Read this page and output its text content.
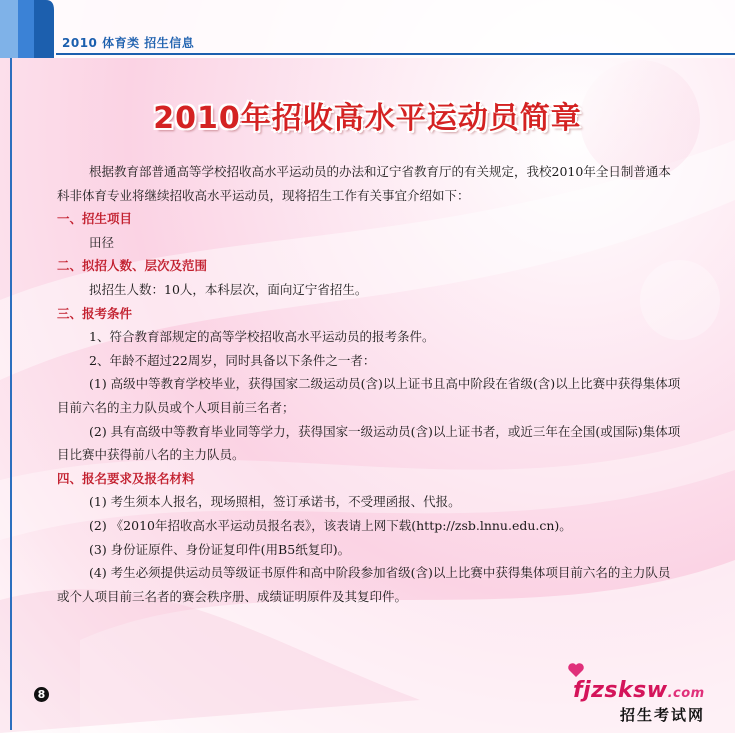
2010 体育类 招生信息
2010年招收高水平运动员简章

根据教育部普通高等学校招收高水平运动员的办法和辽宁省教育厅的有关规定，我校2010年全日制普通本科非体育专业将继续招收高水平运动员，现将招生工作有关事宜介绍如下：

一、招生项目

田径

二、拟招人数、层次及范围

拟招生人数：10人，本科层次，面向辽宁省招生。

三、报考条件

1、符合教育部规定的高等学校招收高水平运动员的报考条件。

2、年龄不超过22周岁，同时具备以下条件之一者：

(1) 高级中等教育学校毕业，获得国家二级运动员(含)以上证书且高中阶段在省级(含)以上比赛中获得集体项目前六名的主力队员或个人项目前三名者；

(2) 具有高级中等教育毕业同等学力，获得国家一级运动员(含)以上证书者，或近三年在全国(或国际)集体项目比赛中获得前八名的主力队员。

四、报名要求及报名材料

(1) 考生须本人报名，现场照相，签订承诺书，不受理函报、代报。

(2) 《2010年招收高水平运动员报名表》，该表请上网下载(http://zsb.lnnu.edu.cn)。

(3) 身份证原件、身份证复印件(用B5纸复印)。

(4) 考生必须提供运动员等级证书原件和高中阶段参加省级(含)以上比赛中获得集体项目前六名的主力队员或个人项目前三名者的赛会秩序册、成绩证明原件及其复印件。

8	fjzsksw.com
招生考试网
